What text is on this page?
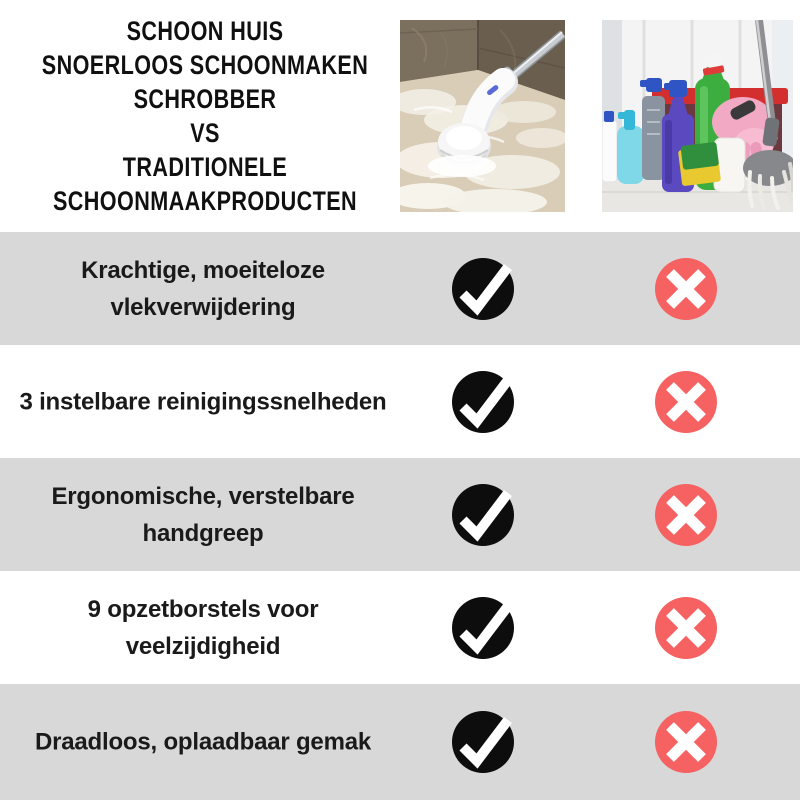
SCHOON HUIS
SNOERLOOS SCHOONMAKEN
SCHROBBER
VS
TRADITIONELE
SCHOONMAAKPRODUCTEN
Krachtige, moeiteloze vlekverwijdering
3 instelbare reinigingssnelheden
Ergonomische, verstelbare handgreep
9 opzetborstels voor veelzijdigheid
Draadloos, oplaadbaar gemak
